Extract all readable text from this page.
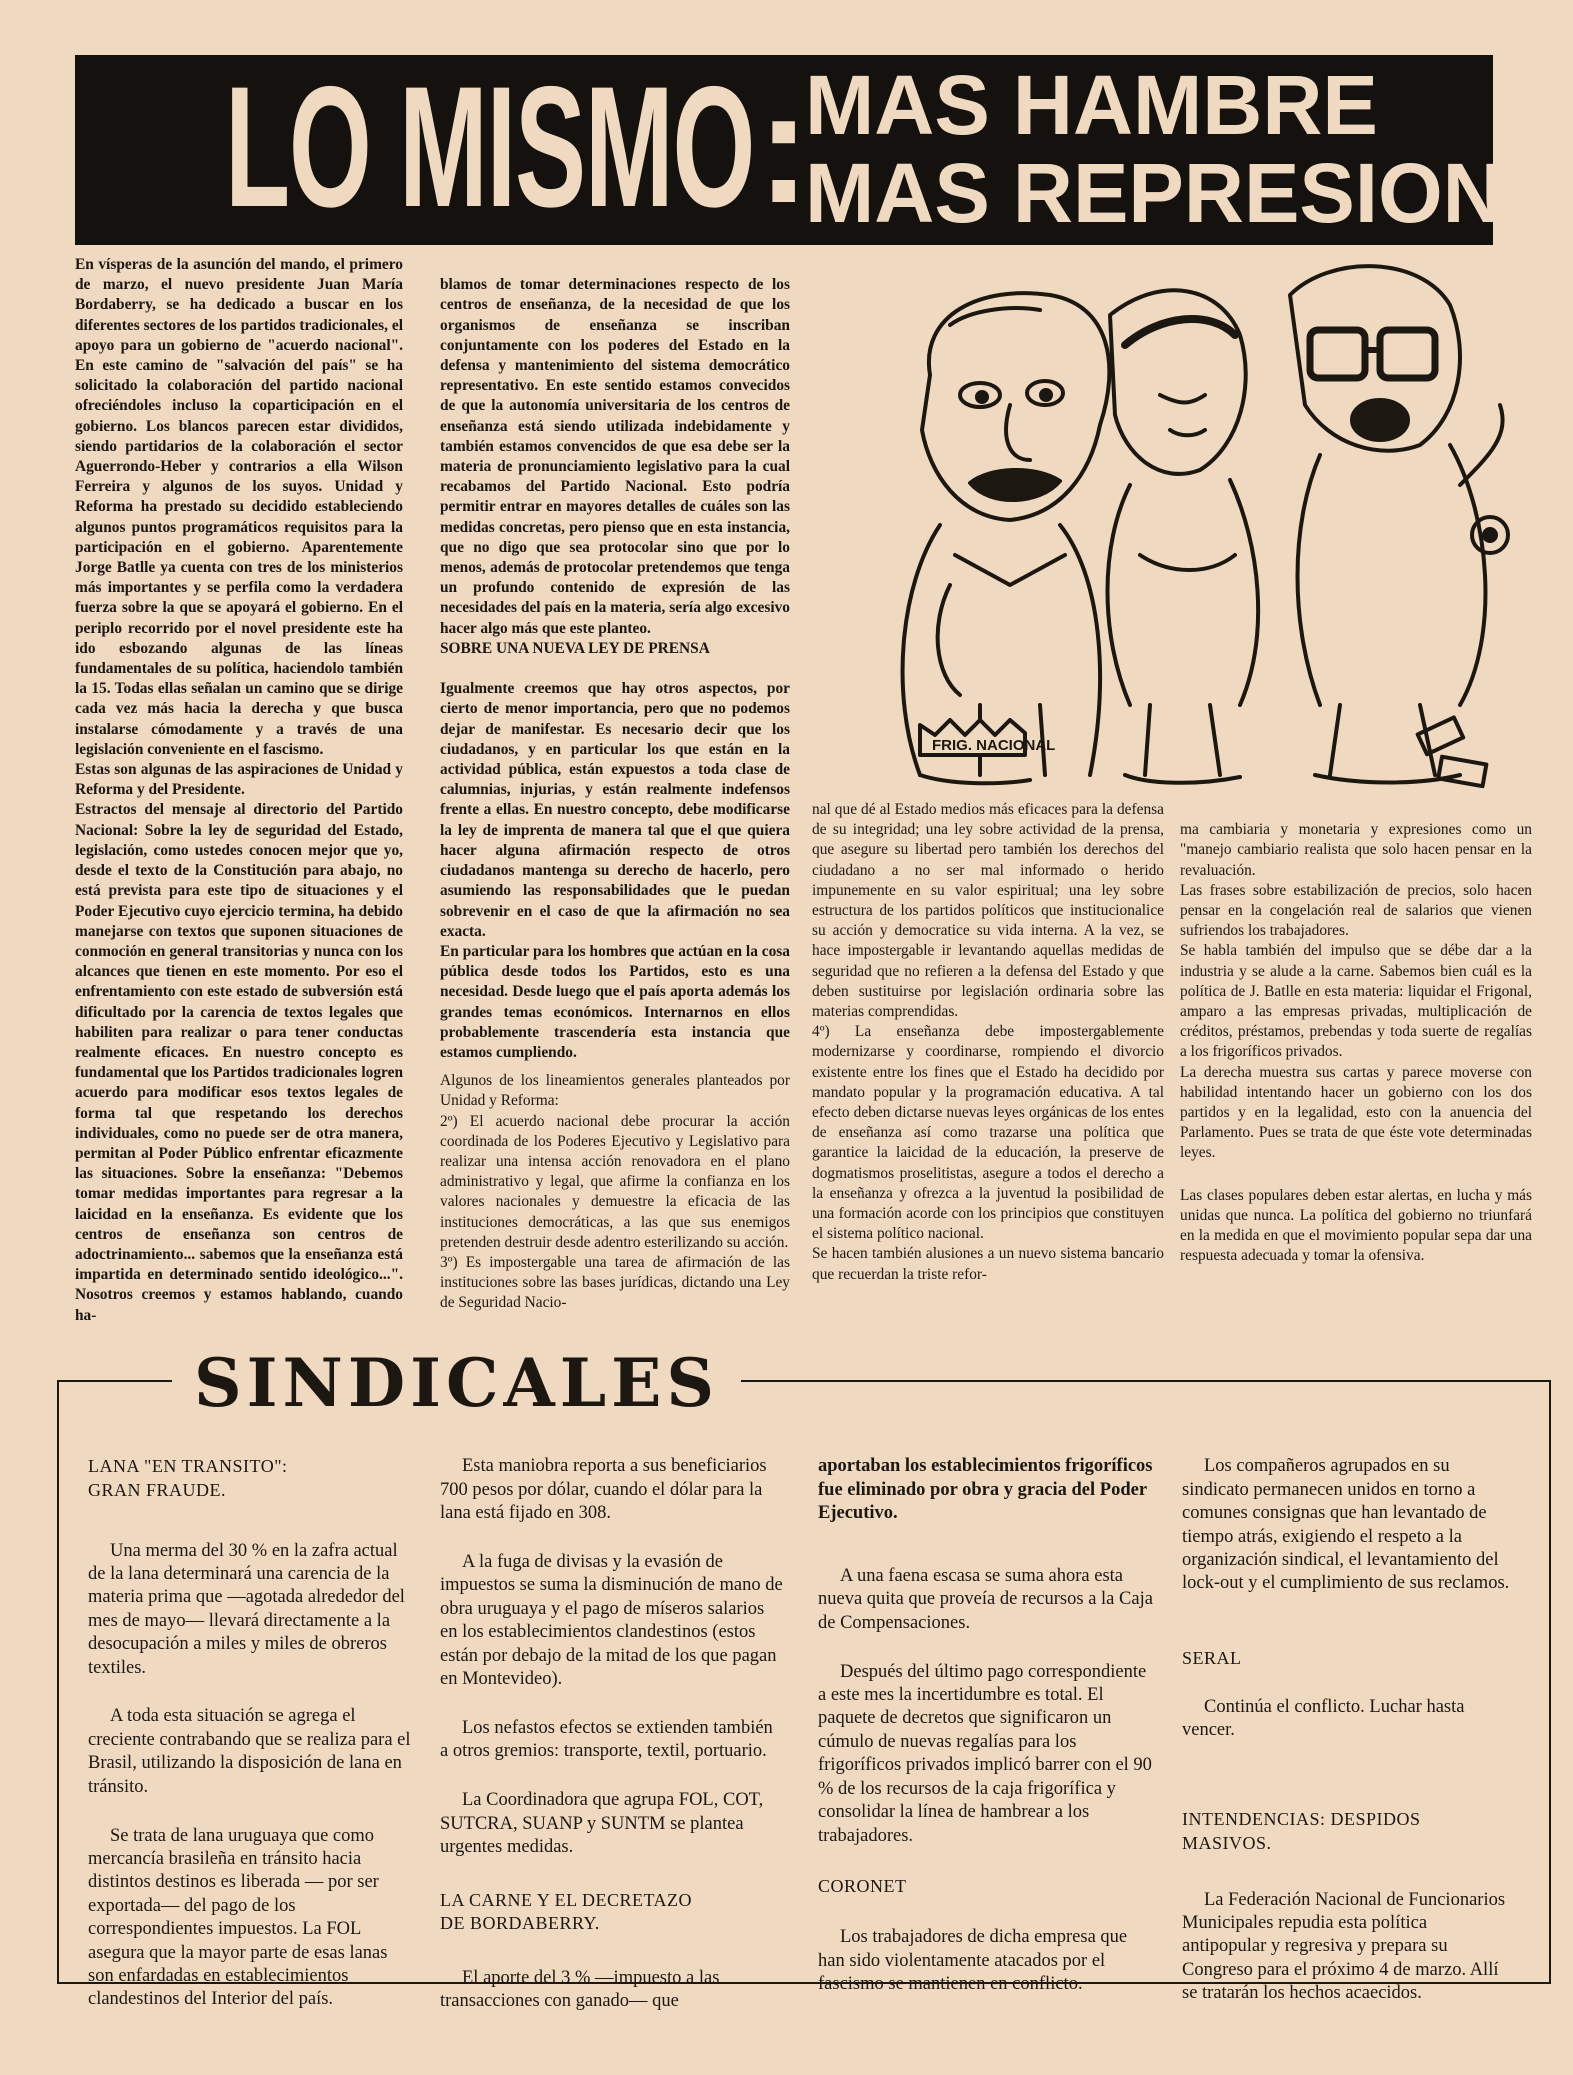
LO MISMO :
MAS HAMBRE
MAS REPRESION
En vísperas de la asunción del mando, el primero de marzo, el nuevo presidente Juan María Bordaberry, se ha dedicado a buscar en los diferentes sectores de los partidos tradicionales, el apoyo para un gobierno de "acuerdo nacional". En este camino de "salvación del país" se ha solicitado la colaboración del partido nacional ofreciéndoles incluso la coparticipación en el gobierno. Los blancos parecen estar divididos, siendo partidarios de la colaboración el sector Aguerrondo-Heber y contrarios a ella Wilson Ferreira y algunos de los suyos. Unidad y Reforma ha prestado su decidido estableciendo algunos puntos programáticos requisitos para la participación en el gobierno. Aparentemente Jorge Batlle ya cuenta con tres de los ministerios más importantes y se perfila como la verdadera fuerza sobre la que se apoyará el gobierno. En el periplo recorrido por el novel presidente este ha ido esbozando algunas de las líneas fundamentales de su política, haciendolo también la 15. Todas ellas señalan un camino que se dirige cada vez más hacia la derecha y que busca instalarse cómodamente y a través de una legislación conveniente en el fascismo.
Estas son algunas de las aspiraciones de Unidad y Reforma y del Presidente.
Estractos del mensaje al directorio del Partido Nacional: Sobre la ley de seguridad del Estado, legislación, como ustedes conocen mejor que yo, desde el texto de la Constitución para abajo, no está prevista para este tipo de situaciones y el Poder Ejecutivo cuyo ejercicio termina, ha debido manejarse con textos que suponen situaciones de conmoción en general transitorias y nunca con los alcances que tienen en este momento. Por eso el enfrentamiento con este estado de subversión está dificultado por la carencia de textos legales que habiliten para realizar o para tener conductas realmente eficaces. En nuestro concepto es fundamental que los Partidos tradicionales logren acuerdo para modificar esos textos legales de forma tal que respetando los derechos individuales, como no puede ser de otra manera, permitan al Poder Público enfrentar eficazmente las situaciones. Sobre la enseñanza: "Debemos tomar medidas importantes para regresar a la laicidad en la enseñanza. Es evidente que los centros de enseñanza son centros de adoctrinamiento... sabemos que la enseñanza está impartida en determinado sentido ideológico...". Nosotros creemos y estamos hablando, cuando ha-

blamos de tomar determinaciones respecto de los centros de enseñanza, de la necesidad de que los organismos de enseñanza se inscriban conjuntamente con los poderes del Estado en la defensa y mantenimiento del sistema democrático representativo. En este sentido estamos convecidos de que la autonomía universitaria de los centros de enseñanza está siendo utilizada indebidamente y también estamos convencidos de que esa debe ser la materia de pronunciamiento legislativo para la cual recabamos del Partido Nacional. Esto podría permitir entrar en mayores detalles de cuáles son las medidas concretas, pero pienso que en esta instancia, que no digo que sea protocolar sino que por lo menos, además de protocolar pretendemos que tenga un profundo contenido de expresión de las necesidades del país en la materia, sería algo excesivo hacer algo más que este planteo.

SOBRE UNA NUEVA LEY DE PRENSA

Igualmente creemos que hay otros aspectos, por cierto de menor importancia, pero que no podemos dejar de manifestar. Es necesario decir que los ciudadanos, y en particular los que están en la actividad pública, están expuestos a toda clase de calumnias, injurias, y están realmente indefensos frente a ellas. En nuestro concepto, debe modificarse la ley de imprenta de manera tal que el que quiera hacer alguna afirmación respecto de otros ciudadanos mantenga su derecho de hacerlo, pero asumiendo las responsabilidades que le puedan sobrevenir en el caso de que la afirmación no sea exacta.
En particular para los hombres que actúan en la cosa pública desde todos los Partidos, esto es una necesidad. Desde luego que el país aporta además los grandes temas económicos. Internarnos en ellos probablemente trascendería esta instancia que estamos cumpliendo.

Algunos de los lineamientos generales planteados por Unidad y Reforma:
2º) El acuerdo nacional debe procurar la acción coordinada de los Poderes Ejecutivo y Legislativo para realizar una intensa acción renovadora en el plano administrativo y legal, que afirme la confianza en los valores nacionales y demuestre la eficacia de las instituciones democráticas, a las que sus enemigos pretenden destruir desde adentro esterilizando su acción.
3º) Es impostergable una tarea de afirmación de las instituciones sobre las bases jurídicas, dictando una Ley de Seguridad Nacio-

FRIG. NACIONAL
nal que dé al Estado medios más eficaces para la defensa de su integridad; una ley sobre actividad de la prensa, que asegure su libertad pero también los derechos del ciudadano a no ser mal informado o herido impunemente en su valor espiritual; una ley sobre estructura de los partidos políticos que institucionalice su acción y democratice su vida interna. A la vez, se hace impostergable ir levantando aquellas medidas de seguridad que no refieren a la defensa del Estado y que deben sustituirse por legislación ordinaria sobre las materias comprendidas.
4º) La enseñanza debe impostergablemente modernizarse y coordinarse, rompiendo el divorcio existente entre los fines que el Estado ha decidido por mandato popular y la programación educativa. A tal efecto deben dictarse nuevas leyes orgánicas de los entes de enseñanza así como trazarse una política que garantice la laicidad de la educación, la preserve de dogmatismos proselitistas, asegure a todos el derecho a la enseñanza y ofrezca a la juventud la posibilidad de una formación acorde con los principios que constituyen el sistema político nacional.
Se hacen también alusiones a un nuevo sistema bancario que recuerdan la triste refor-

ma cambiaria y monetaria y expresiones como un "manejo cambiario realista que solo hacen pensar en la revaluación.
Las frases sobre estabilización de precios, solo hacen pensar en la congelación real de salarios que vienen sufriendos los trabajadores.
Se habla también del impulso que se débe dar a la industria y se alude a la carne. Sabemos bien cuál es la política de J. Batlle en esta materia: liquidar el Frigonal, amparo a las empresas privadas, multiplicación de créditos, préstamos, prebendas y toda suerte de regalías a los frigoríficos privados.
La derecha muestra sus cartas y parece moverse con habilidad intentando hacer un gobierno con los dos partidos y en la legalidad, esto con la anuencia del Parlamento. Pues se trata de que éste vote determinadas leyes.

Las clases populares deben estar alertas, en lucha y más unidas que nunca. La política del gobierno no triunfará en la medida en que el movimiento popular sepa dar una respuesta adecuada y tomar la ofensiva.

SINDICALES

LANA "EN TRANSITO":
GRAN FRAUDE.

Una merma del 30 % en la zafra actual de la lana determinará una carencia de la materia prima que —agotada alrededor del mes de mayo— llevará directamente a la desocupación a miles y miles de obreros textiles.

A toda esta situación se agrega el creciente contrabando que se realiza para el Brasil, utilizando la disposición de lana en tránsito.

Se trata de lana uruguaya que como mercancía brasileña en tránsito hacia distintos destinos es liberada — por ser exportada— del pago de los correspondientes impuestos. La FOL asegura que la mayor parte de esas lanas son enfardadas en establecimientos clandestinos del Interior del país.

Esta maniobra reporta a sus beneficiarios 700 pesos por dólar, cuando el dólar para la lana está fijado en 308.

A la fuga de divisas y la evasión de impuestos se suma la disminución de mano de obra uruguaya y el pago de míseros salarios en los establecimientos clandestinos (estos están por debajo de la mitad de los que pagan en Montevideo).

Los nefastos efectos se extienden también a otros gremios: transporte, textil, portuario.

La Coordinadora que agrupa FOL, COT, SUTCRA, SUANP y SUNTM se plantea urgentes medidas.

LA CARNE Y EL DECRETAZO
DE BORDABERRY.

El aporte del 3 % —impuesto a las transacciones con ganado— que

aportaban los establecimientos frigoríficos fue eliminado por obra y gracia del Poder Ejecutivo.

A una faena escasa se suma ahora esta nueva quita que proveía de recursos a la Caja de Compensaciones.

Después del último pago correspondiente a este mes la incertidumbre es total. El paquete de decretos que significaron un cúmulo de nuevas regalías para los frigoríficos privados implicó barrer con el 90 % de los recursos de la caja frigorífica y consolidar la línea de hambrear a los trabajadores.

CORONET

Los trabajadores de dicha empresa que han sido violentamente atacados por el fascismo se mantienen en conflicto.

Los compañeros agrupados en su sindicato permanecen unidos en torno a comunes consignas que han levantado de tiempo atrás, exigiendo el respeto a la organización sindical, el levantamiento del lock-out y el cumplimiento de sus reclamos.

SERAL

Continúa el conflicto. Luchar hasta vencer.

INTENDENCIAS: DESPIDOS
MASIVOS.

La Federación Nacional de Funcionarios Municipales repudia esta política antipopular y regresiva y prepara su Congreso para el próximo 4 de marzo. Allí se tratarán los hechos acaecidos.
